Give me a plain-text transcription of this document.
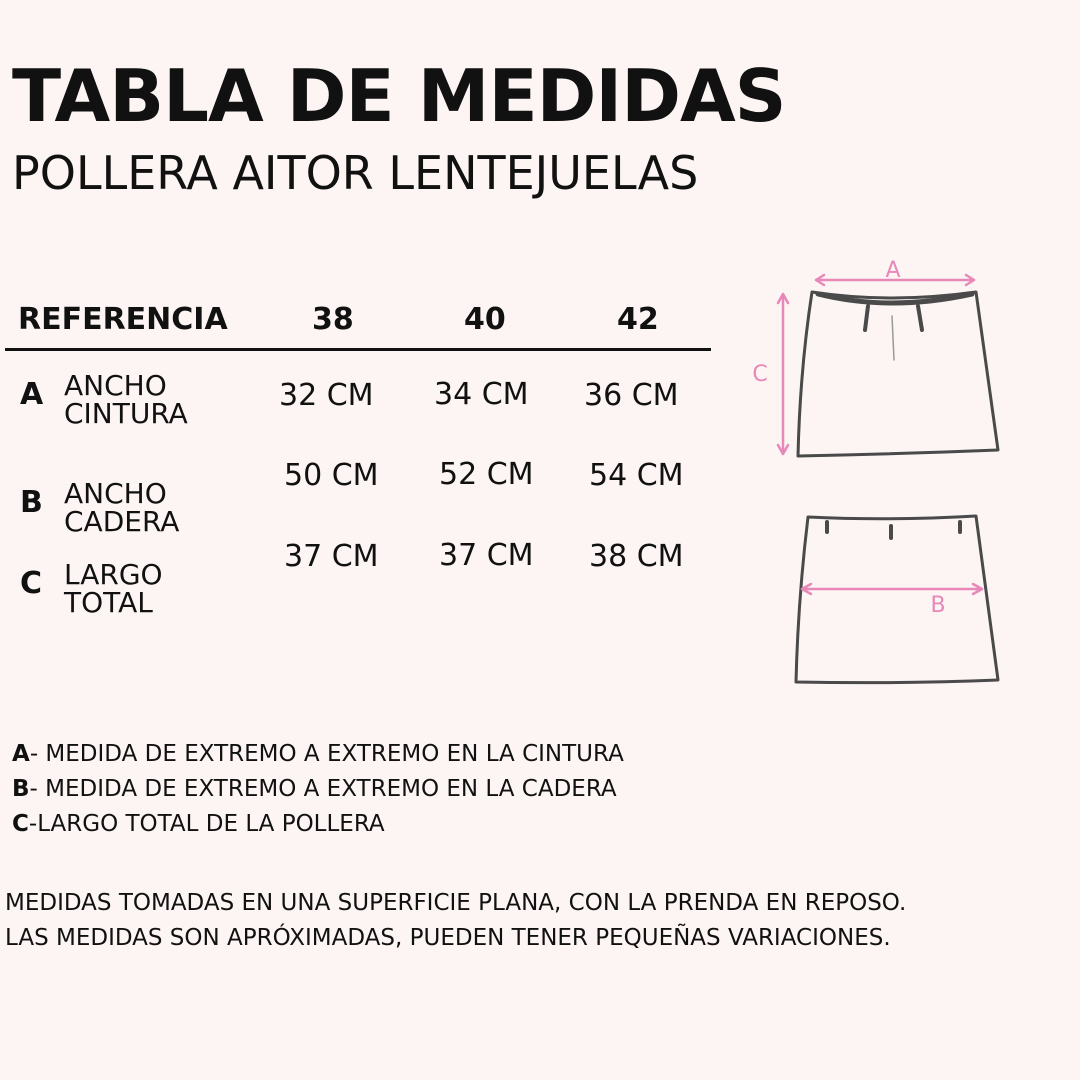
TABLA DE MEDIDAS
POLLERA AITOR LENTEJUELAS
REFERENCIA	38	40	42
A ANCHO
CINTURA
32 CM 34 CM 36 CM
B ANCHO
CADERA
50 CM 52 CM 54 CM
C LARGO
TOTAL
37 CM 37 CM 38 CM
A
C
B
A- MEDIDA DE EXTREMO A EXTREMO EN LA CINTURA
B- MEDIDA DE EXTREMO A EXTREMO EN LA CADERA
C-LARGO TOTAL DE LA POLLERA
MEDIDAS TOMADAS EN UNA SUPERFICIE PLANA, CON LA PRENDA EN REPOSO.
LAS MEDIDAS SON APRÓXIMADAS, PUEDEN TENER PEQUEÑAS VARIACIONES.
